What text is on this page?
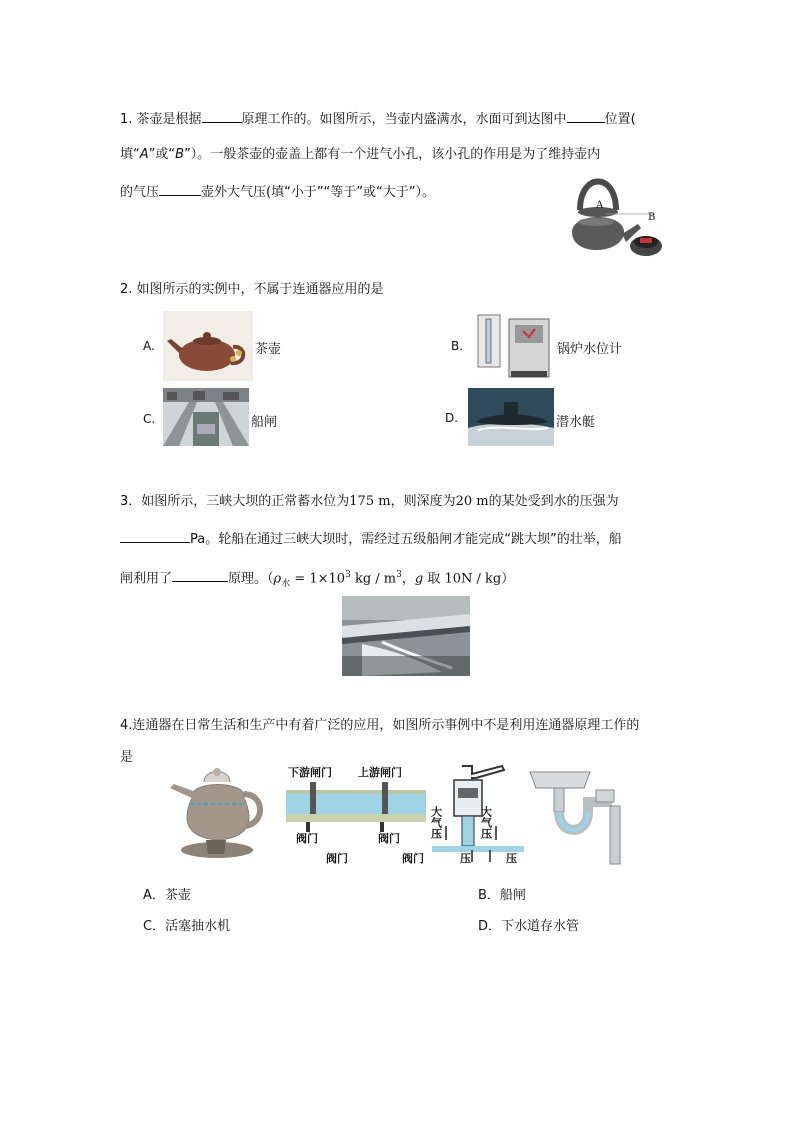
1. 茶壶是根据	原理工作的。如图所示，当壶内盛满水，水面可到达图中	位置(
填“A”或“B”）。一般茶壶的壶盖上都有一个进气小孔，该小孔的作用是为了维持壶内
的气压	壶外大气压(填“小于”“等于”或“大于”）。
A
B
2. 如图所示的实例中，不属于连通器应用的是
A.	茶壶	B.	锅炉水位计
C.	船闸	D.	潜水艇
3．如图所示，三峡大坝的正常蓄水位为175 m，则深度为20 m的某处受到水的压强为
Pa。轮船在通过三峡大坝时，需经过五级船闸才能完成“跳大坝”的壮举，船
闸利用了	原理。（$\rho_水 = 1\times 10^3$ kg / $m^3$，g 取 10N / kg）
4.连通器在日常生活和生产中有着广泛的应用，如图所示事例中不是利用连通器原理工作的
是
下游闸门 上游闸门
阀门	阀门
阀门	阀门
大气压	大气压
压	压
A．茶壶	B．船闸
C．活塞抽水机	D．下水道存水管
